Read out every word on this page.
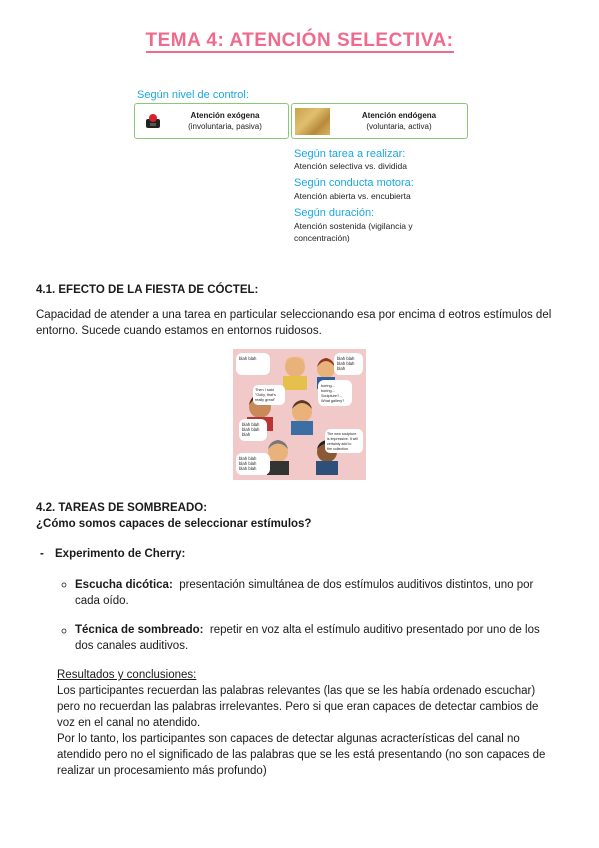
TEMA 4: ATENCIÓN SELECTIVA:
Según nivel de control:
Atención exógena
(involuntaria, pasiva)
Atención endógena
(voluntaria, activa)
Según tarea a realizar:
Atención selectiva vs. dividida
Según conducta motora:
Atención abierta vs. encubierta
Según duración:
Atención sostenida (vigilancia y
concentración)
4.1. EFECTO DE LA FIESTA DE CÓCTEL:
Capacidad de atender a una tarea en particular seleccionando esa por encima d eotros estímulos del
entorno. Sucede cuando estamos en entornos ruidosos.
blah blah	blah blah
blah blah
blah
Then I said
"Golly, that's
really great"
boring...
boring...
Sculpture?...
What gallery?
blah blah
blah blah
blah	The new sculpture
is impressive. It will
certainly add to
the collection.
blah blah
blah blah
blah blah
4.2. TAREAS DE SOMBREADO:
¿Cómo somos capaces de seleccionar estímulos?
- Experimento de Cherry:
Escucha dicótica: presentación simultánea de dos estímulos auditivos distintos, uno por
cada oído.
Técnica de sombreado: repetir en voz alta el estímulo auditivo presentado por uno de los
dos canales auditivos.
Resultados y conclusiones:
Los participantes recuerdan las palabras relevantes (las que se les había ordenado escuchar)
pero no recuerdan las palabras irrelevantes. Pero si que eran capaces de detectar cambios de
voz en el canal no atendido.
Por lo tanto, los participantes son capaces de detectar algunas acracterísticas del canal no
atendido pero no el significado de las palabras que se les está presentando (no son capaces de
realizar un procesamiento más profundo)
